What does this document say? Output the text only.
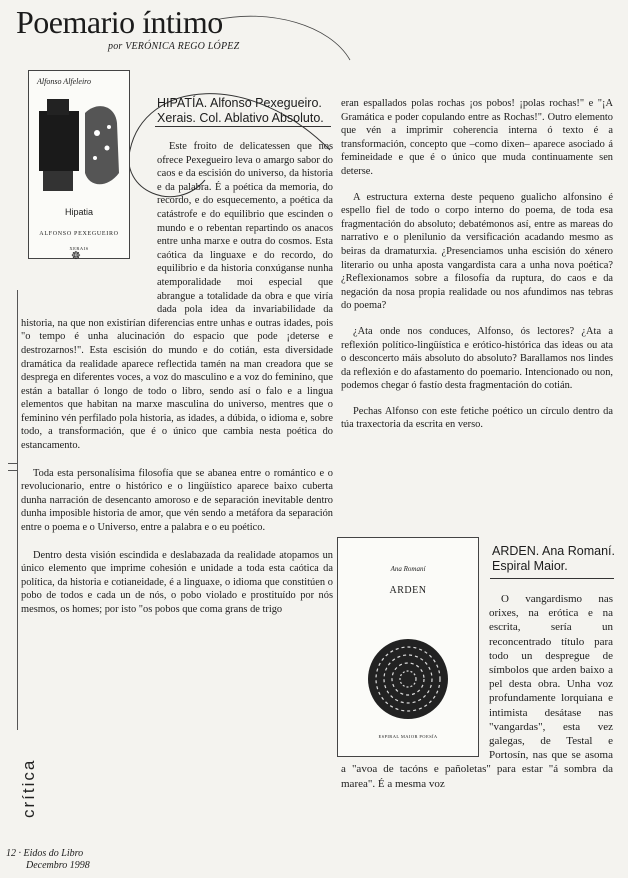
Poemario íntimo
por VERÓNICA REGO LÓPEZ
Alfonso Alfeleiro
Hipatia
ALFONSO PEXEGUEIRO
XERAIS
☸
HIPATÍA. Alfonso Pexegueiro.
Xerais. Col. Ablativo Absoluto.

Este froito de delicatessen que nos ofrece Pexegueiro leva o amargo sabor do caos e da escisión do universo, da historia e da palabra. É a poética da memoria, do recordo, e do esquecemento, a poética da catástrofe e do equilibrio que escinden o mundo e o rebentan repartindo os anacos entre unha marxe e outra do cosmos. Esta caótica da linguaxe e do recordo, do equilibrio e da historia conxúganse nunha atemporalidade moi especial que abrangue a totalidade da obra e que viría dada pola idea da invariabilidade da historia, na que non existirían diferencias entre unhas e outras idades, pois "o tempo é unha alucinación do espacio que pode ¡deterse e destrozarnos!". Esta escisión do mundo e do cotián, esta diversidade dramática da realidade aparece reflectida tamén na man creadora que se desprega en diferentes voces, a voz do masculino e a voz do feminino, que están a batallar ó longo de todo o libro, sendo así o falo e a lingua elementos que habitan na marxe masculina do universo, mentres que o feminino vén perfilado pola historia, as idades, a dúbida, o idioma e, sobre todo, a transformación, que é o único que cambia nesta poética do estancamento.

Toda esta personalísima filosofía que se abanea entre o romántico e o revolucionario, entre o histórico e o lingüístico aparece baixo cuberta dunha narración de desencanto amoroso e de separación inevitable dentro dunha imposible historia de amor, que vén sendo a metáfora da separación entre o poema e o Universo, entre a palabra e o eu poético.

Dentro desta visión escindida e deslabazada da realidade atopamos un único elemento que imprime cohesión e unidade a toda esta caótica da política, da historia e cotianeidade, é a linguaxe, o idioma que constitúen o pobo de todos e cada un de nós, o pobo violado e prostituído por nós mesmos, os homes; por isto "os pobos que coma grans de trigo

eran espallados polas rochas ¡os pobos! ¡polas rochas!" e "¡A Gramática e poder copulando entre as Rochas!". Outro elemento que vén a imprimir coherencia interna ó texto é a transformación, concepto que –como dixen– aparece asociado á femineidade e que é o único que muda continuamente sen deterse.

A estructura externa deste pequeno gualicho alfonsino é espello fiel de todo o corpo interno do poema, de toda esa fragmentación do absoluto; debatémonos así, entre as mareas do narrativo e o plenilunio da versificación acadando mesmo as beiras da dramaturxia. ¿Presenciamos unha escisión do xénero literario ou unha aposta vangardista cara a unha nova poética? ¿Reflexionamos sobre a filosofía da ruptura, do caos e da negación da nosa propia realidade ou nos afundimos nas tebras do poema?

¿Ata onde nos conduces, Alfonso, ós lectores? ¿Ata a reflexión político-lingüística e erótico-histórica das ideas ou ata o desconcerto máis absoluto do absoluto? Barallamos nos lindes da reflexión e do afastamento do poemario. Intencionado ou non, podemos chegar ó fastío desta fragmentación do cotián.

Pechas Alfonso con este fetiche poético un círculo dentro da túa traxectoria da escrita en verso.

Ana Romaní
ARDEN
ESPIRAL MAIOR POESÍA
ARDEN. Ana Romaní.
Espiral Maior.

O vangardismo nas orixes, na erótica e na escrita, sería un reconcentrado título para todo un despregue de símbolos que arden baixo a pel desta obra. Unha voz profundamente lorquiana e intimista desátase nas "vangardas", esta vez galegas, de Testal e Portosín, nas que se asoma a "avoa de tacóns e pañoletas" para estar "á sombra da marea". É a mesma voz

crítica
12 · Eidos do Libro
Decembro 1998
